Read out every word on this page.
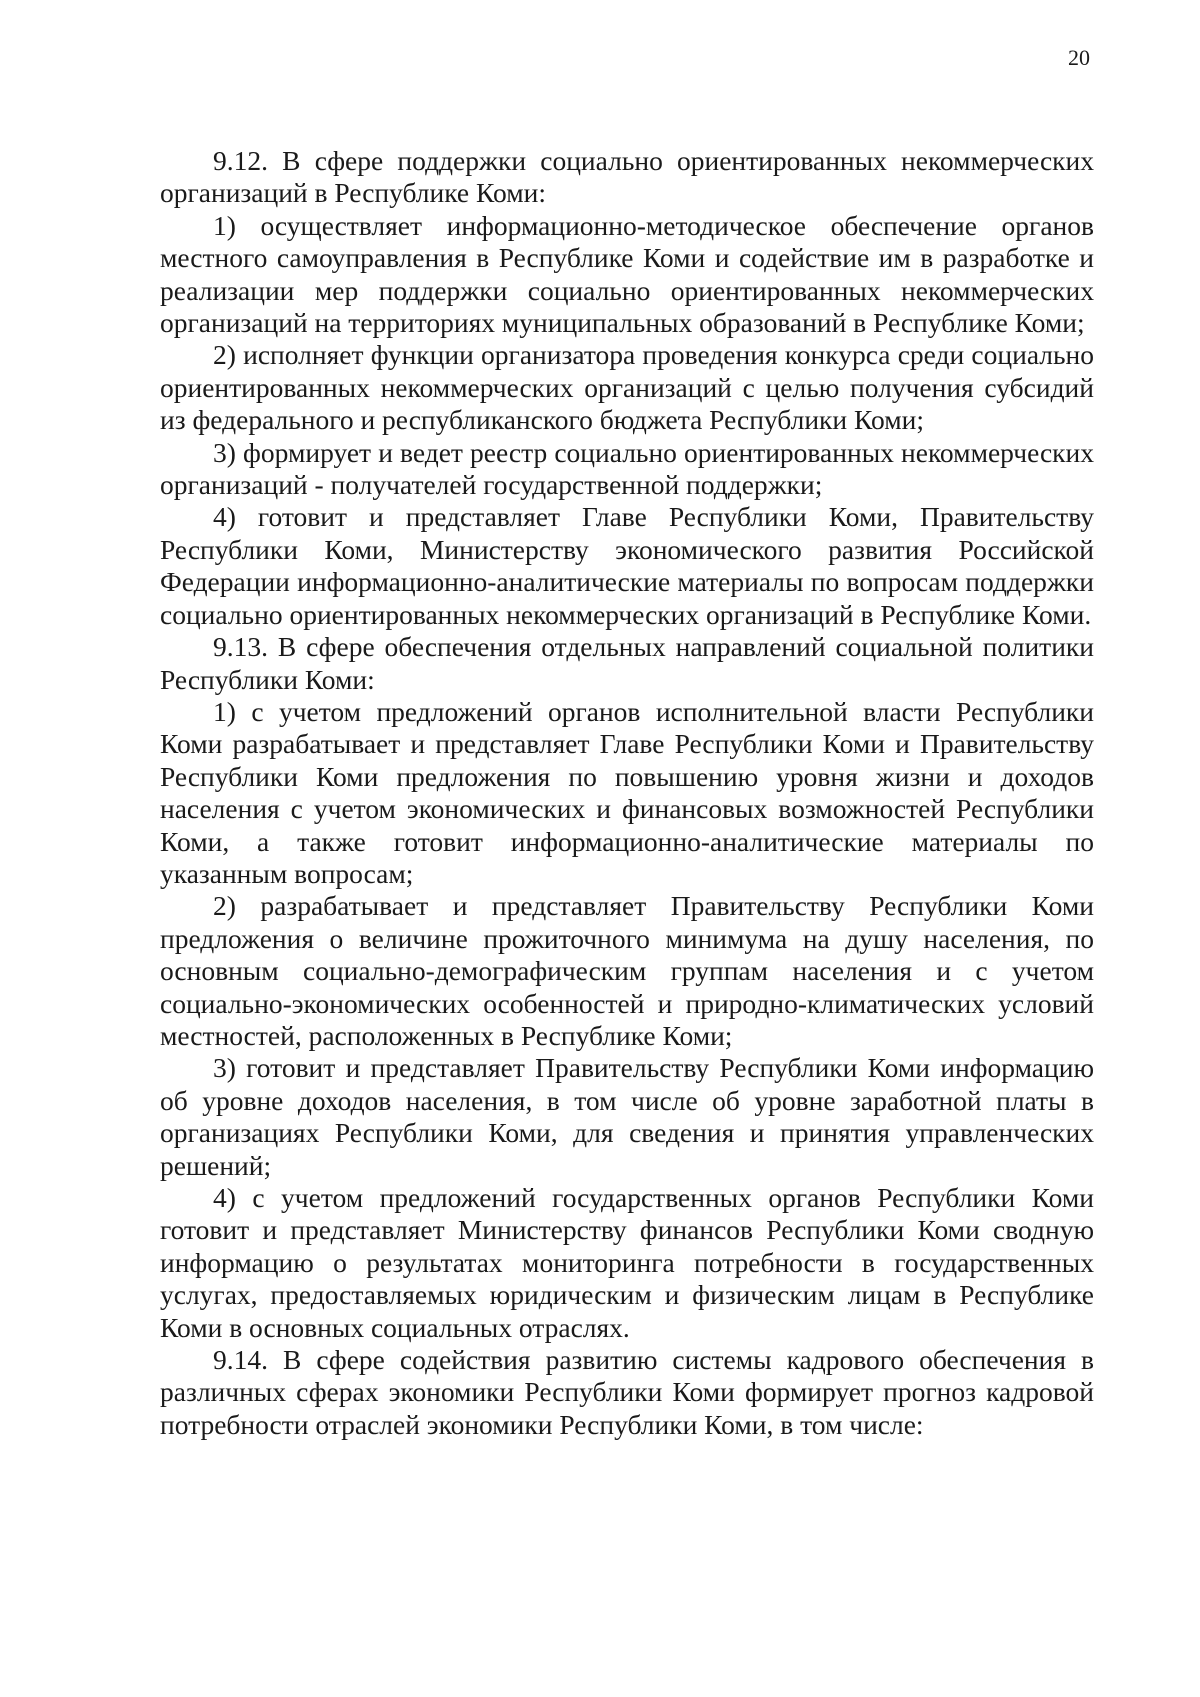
20

9.12. В сфере поддержки социально ориентированных некоммерческих организаций в Республике Коми:

1) осуществляет информационно-методическое обеспечение органов местного самоуправления в Республике Коми и содействие им в разработке и реализации мер поддержки социально ориентированных некоммерческих организаций на территориях муниципальных образований в Республике Коми;

2) исполняет функции организатора проведения конкурса среди социально ориентированных некоммерческих организаций с целью получения субсидий из федерального и республиканского бюджета Республики Коми;

3) формирует и ведет реестр социально ориентированных некоммерческих организаций - получателей государственной поддержки;

4) готовит и представляет Главе Республики Коми, Правительству Республики Коми, Министерству экономического развития Российской Федерации информационно-аналитические материалы по вопросам поддержки социально ориентированных некоммерческих организаций в Республике Коми.

9.13. В сфере обеспечения отдельных направлений социальной политики Республики Коми:

1) с учетом предложений органов исполнительной власти Республики Коми разрабатывает и представляет Главе Республики Коми и Правительству Республики Коми предложения по повышению уровня жизни и доходов населения с учетом экономических и финансовых возможностей Республики Коми, а также готовит информационно-аналитические материалы по указанным вопросам;

2) разрабатывает и представляет Правительству Республики Коми предложения о величине прожиточного минимума на душу населения, по основным социально-демографическим группам населения и с учетом социально-экономических особенностей и природно-климатических условий местностей, расположенных в Республике Коми;

3) готовит и представляет Правительству Республики Коми информацию об уровне доходов населения, в том числе об уровне заработной платы в организациях Республики Коми, для сведения и принятия управленческих решений;

4) с учетом предложений государственных органов Республики Коми готовит и представляет Министерству финансов Республики Коми сводную информацию о результатах мониторинга потребности в государственных услугах, предоставляемых юридическим и физическим лицам в Республике Коми в основных социальных отраслях.

9.14. В сфере содействия развитию системы кадрового обеспечения в различных сферах экономики Республики Коми формирует прогноз кадровой потребности отраслей экономики Республики Коми, в том числе:
